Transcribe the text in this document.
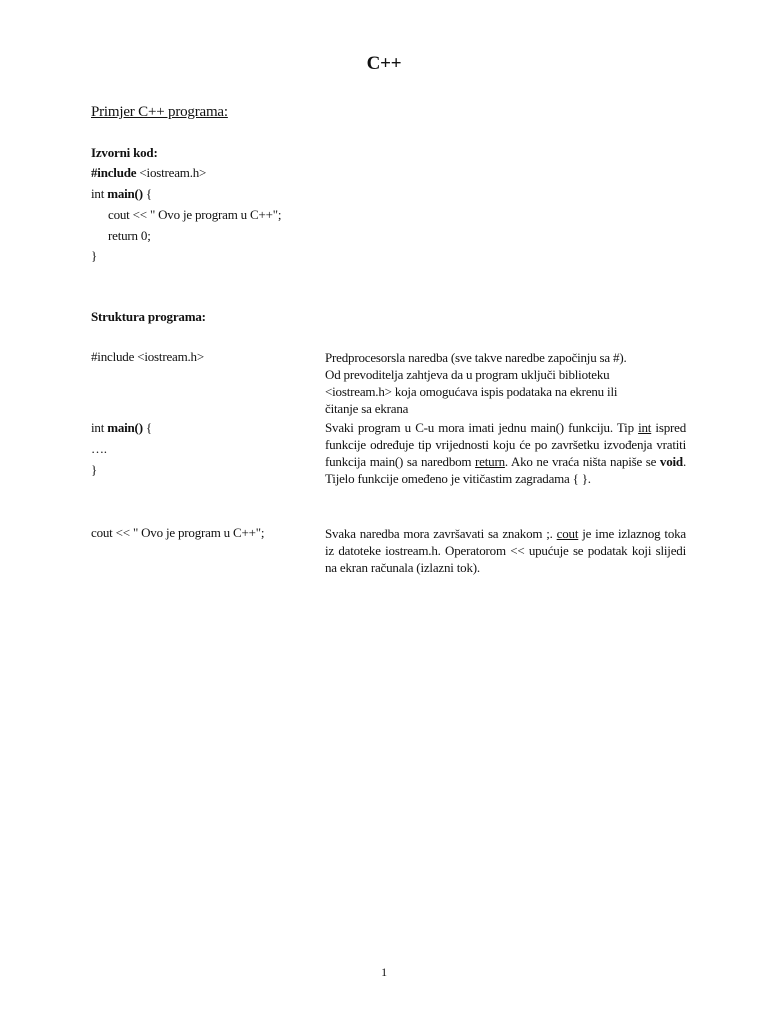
C++
Primjer C++ programa:
Izvorni kod:
#include <iostream.h>
int main() {
cout << " Ovo je program u C++";
return 0;
}
Struktura programa:
#include <iostream.h>	Predprocesorsla naredba (sve takve naredbe započinju sa #).
Od prevoditelja zahtjeva da u program uključi biblioteku
<iostream.h> koja omogućava ispis podataka na ekrenu ili
čitanje sa ekrana
int main() {
….
}
Svaki program u C-u mora imati jednu main() funkciju. Tip int ispred funkcije određuje tip vrijednosti koju će po završetku izvođenja vratiti funkcija main() sa naredbom return. Ako ne vraća ništa napiše se void. Tijelo funkcije omeđeno je vitičastim zagradama { }.
cout << " Ovo je program u C++";	Svaka naredba mora završavati sa znakom ;. cout je ime izlaznog toka iz datoteke iostream.h. Operatorom << upućuje se podatak koji slijedi na ekran računala (izlazni tok).
1
